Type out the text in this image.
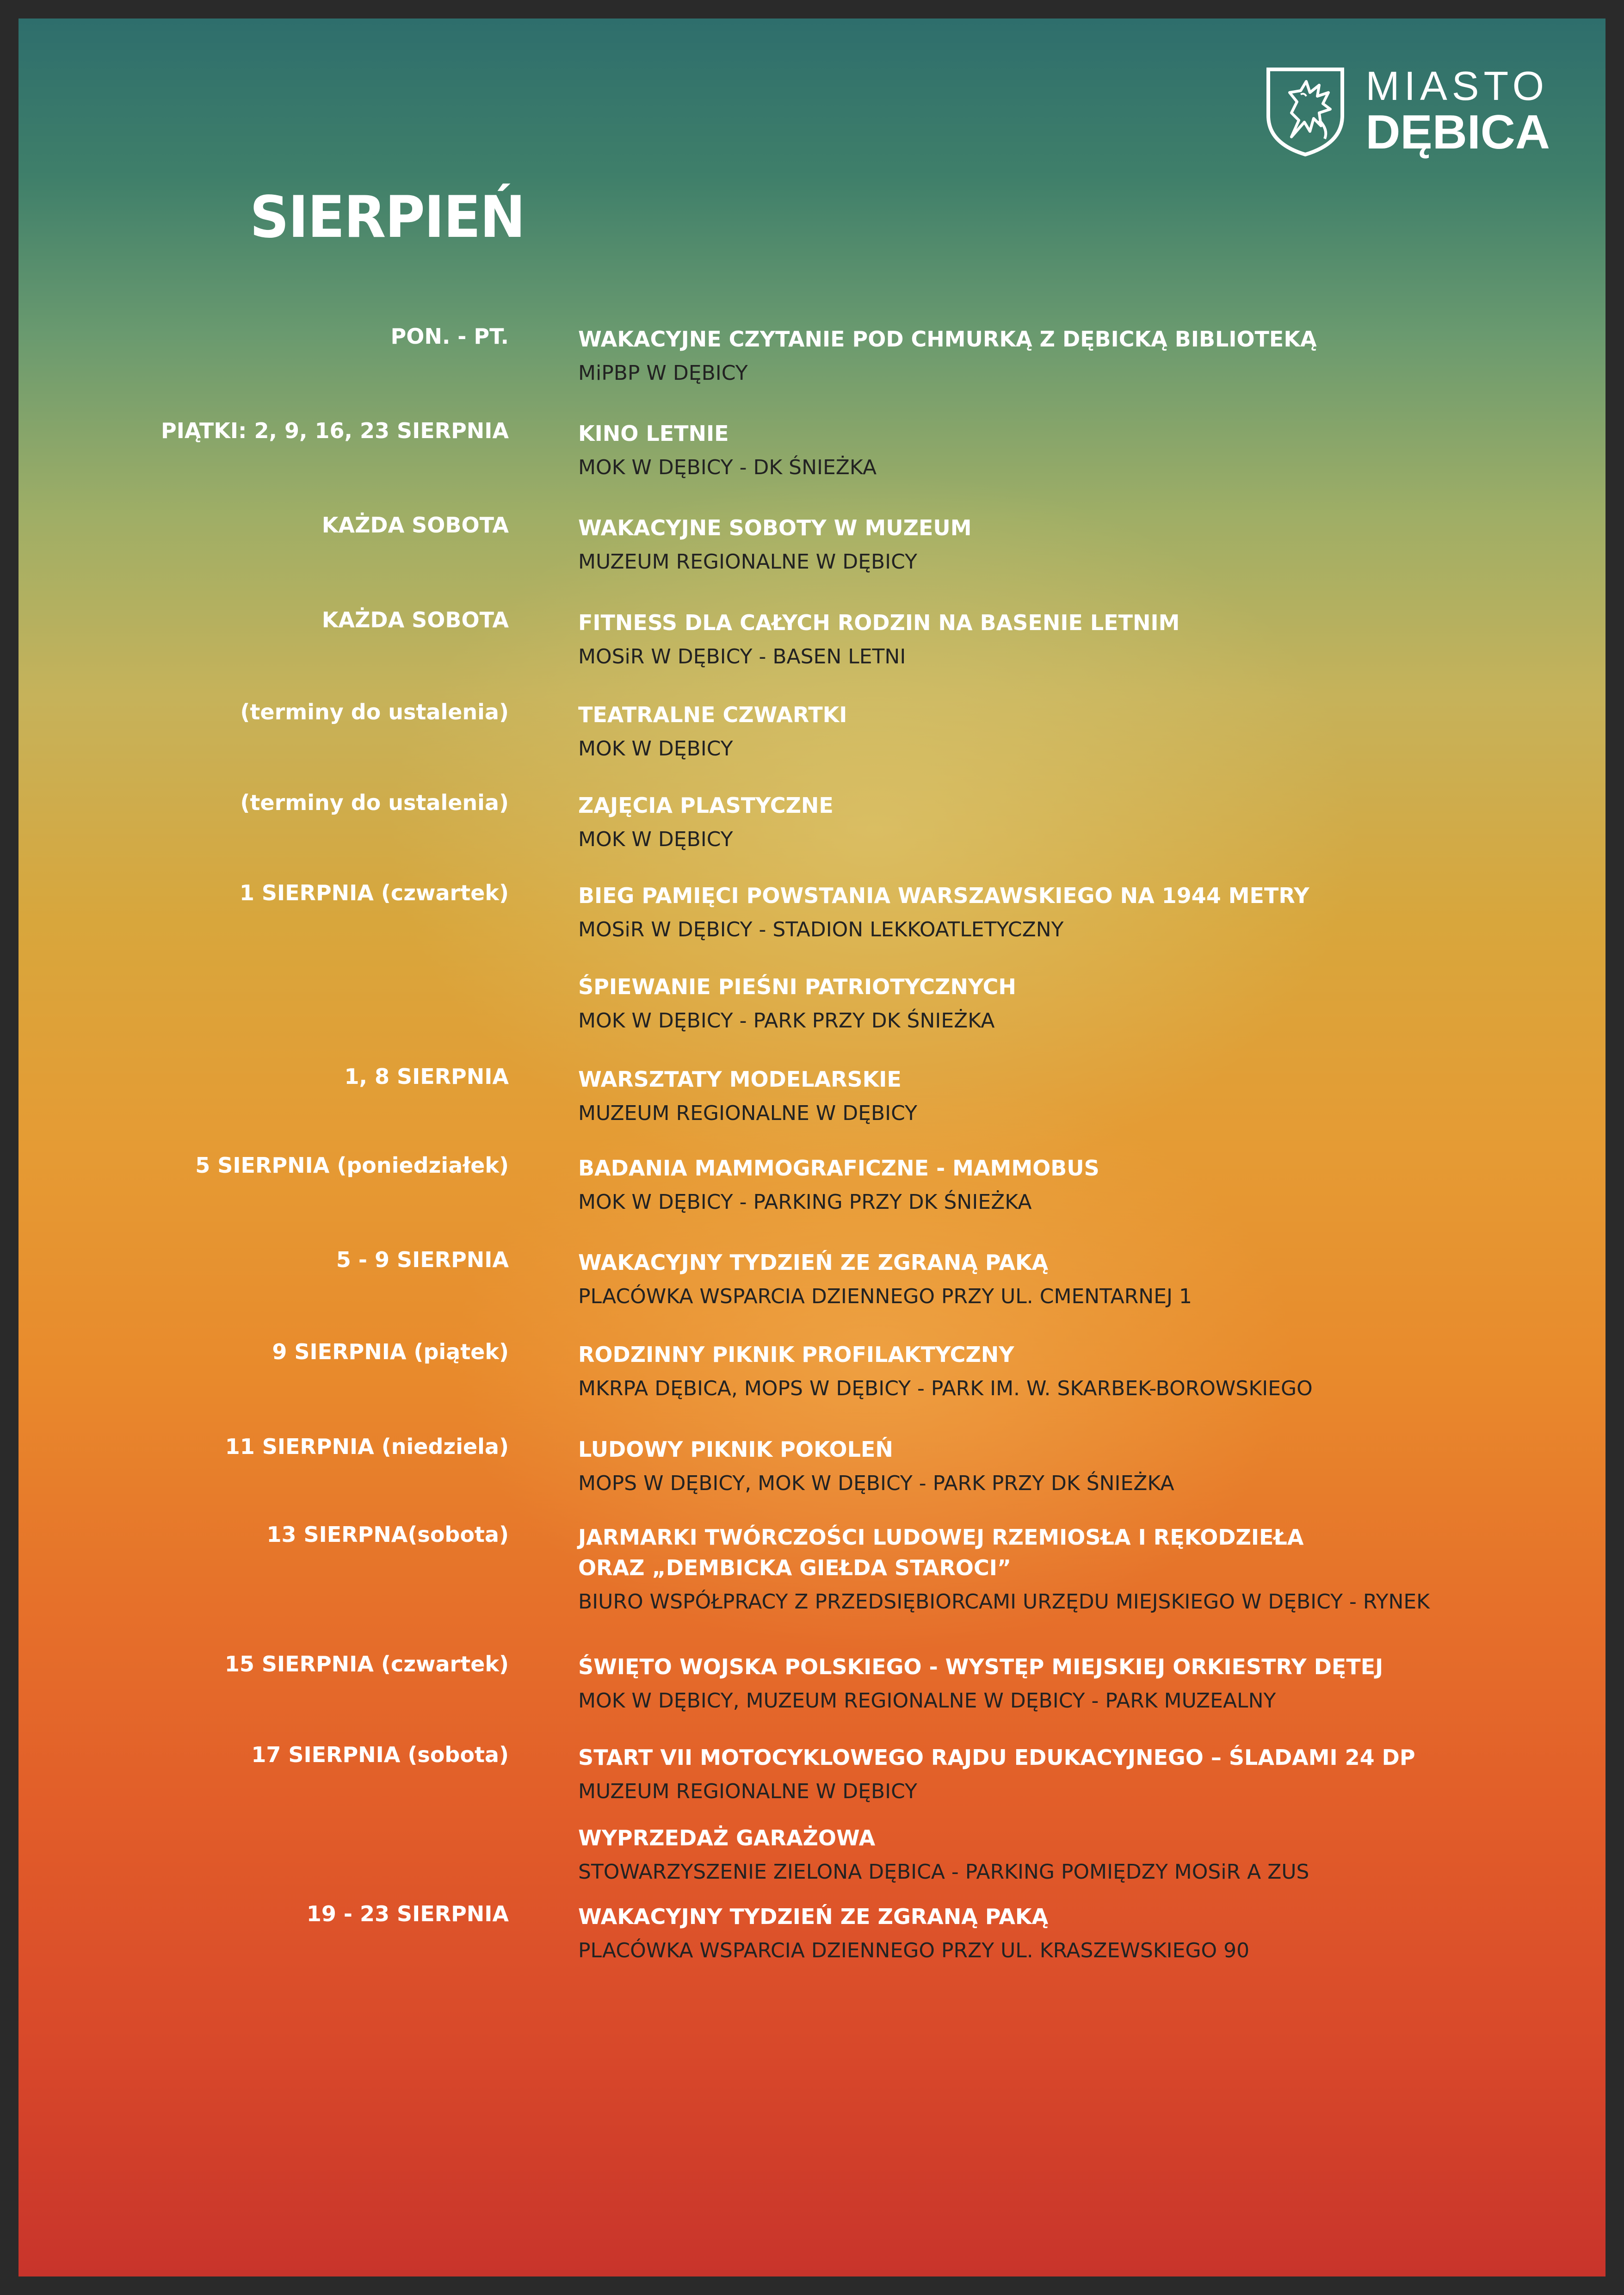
MIASTO
DĘBICA
SIERPIEŃ
PON. - PT.	WAKACYJNE CZYTANIE POD CHMURKĄ Z DĘBICKĄ BIBLIOTEKĄ
MiPBP W DĘBICY
PIĄTKI: 2, 9, 16, 23 SIERPNIA	KINO LETNIE
MOK W DĘBICY - DK ŚNIEŻKA
KAŻDA SOBOTA	WAKACYJNE SOBOTY W MUZEUM
MUZEUM REGIONALNE W DĘBICY
KAŻDA SOBOTA	FITNESS DLA CAŁYCH RODZIN NA BASENIE LETNIM
MOSiR W DĘBICY - BASEN LETNI
(terminy do ustalenia)	TEATRALNE CZWARTKI
MOK W DĘBICY
(terminy do ustalenia)	ZAJĘCIA PLASTYCZNE
MOK W DĘBICY
1 SIERPNIA (czwartek)	BIEG PAMIĘCI POWSTANIA WARSZAWSKIEGO NA 1944 METRY
MOSiR W DĘBICY - STADION LEKKOATLETYCZNY
ŚPIEWANIE PIEŚNI PATRIOTYCZNYCH
MOK W DĘBICY - PARK PRZY DK ŚNIEŻKA
1, 8 SIERPNIA	WARSZTATY MODELARSKIE
MUZEUM REGIONALNE W DĘBICY
5 SIERPNIA (poniedziałek)	BADANIA MAMMOGRAFICZNE - MAMMOBUS
MOK W DĘBICY - PARKING PRZY DK ŚNIEŻKA
5 - 9 SIERPNIA	WAKACYJNY TYDZIEŃ ZE ZGRANĄ PAKĄ
PLACÓWKA WSPARCIA DZIENNEGO PRZY UL. CMENTARNEJ 1
9 SIERPNIA (piątek)	RODZINNY PIKNIK PROFILAKTYCZNY
MKRPA DĘBICA, MOPS W DĘBICY - PARK IM. W. SKARBEK-BOROWSKIEGO
11 SIERPNIA (niedziela)	LUDOWY PIKNIK POKOLEŃ
MOPS W DĘBICY, MOK W DĘBICY - PARK PRZY DK ŚNIEŻKA
13 SIERPNA(sobota)	JARMARKI TWÓRCZOŚCI LUDOWEJ RZEMIOSŁA I RĘKODZIEŁA
ORAZ „DEMBICKA GIEŁDA STAROCI”
BIURO WSPÓŁPRACY Z PRZEDSIĘBIORCAMI URZĘDU MIEJSKIEGO W DĘBICY - RYNEK
15 SIERPNIA (czwartek)	ŚWIĘTO WOJSKA POLSKIEGO - WYSTĘP MIEJSKIEJ ORKIESTRY DĘTEJ
MOK W DĘBICY, MUZEUM REGIONALNE W DĘBICY - PARK MUZEALNY
17 SIERPNIA (sobota)	START VII MOTOCYKLOWEGO RAJDU EDUKACYJNEGO – ŚLADAMI 24 DP
MUZEUM REGIONALNE W DĘBICY
WYPRZEDAŻ GARAŻOWA
STOWARZYSZENIE ZIELONA DĘBICA - PARKING POMIĘDZY MOSiR A ZUS
19 - 23 SIERPNIA	WAKACYJNY TYDZIEŃ ZE ZGRANĄ PAKĄ
PLACÓWKA WSPARCIA DZIENNEGO PRZY UL. KRASZEWSKIEGO 90
